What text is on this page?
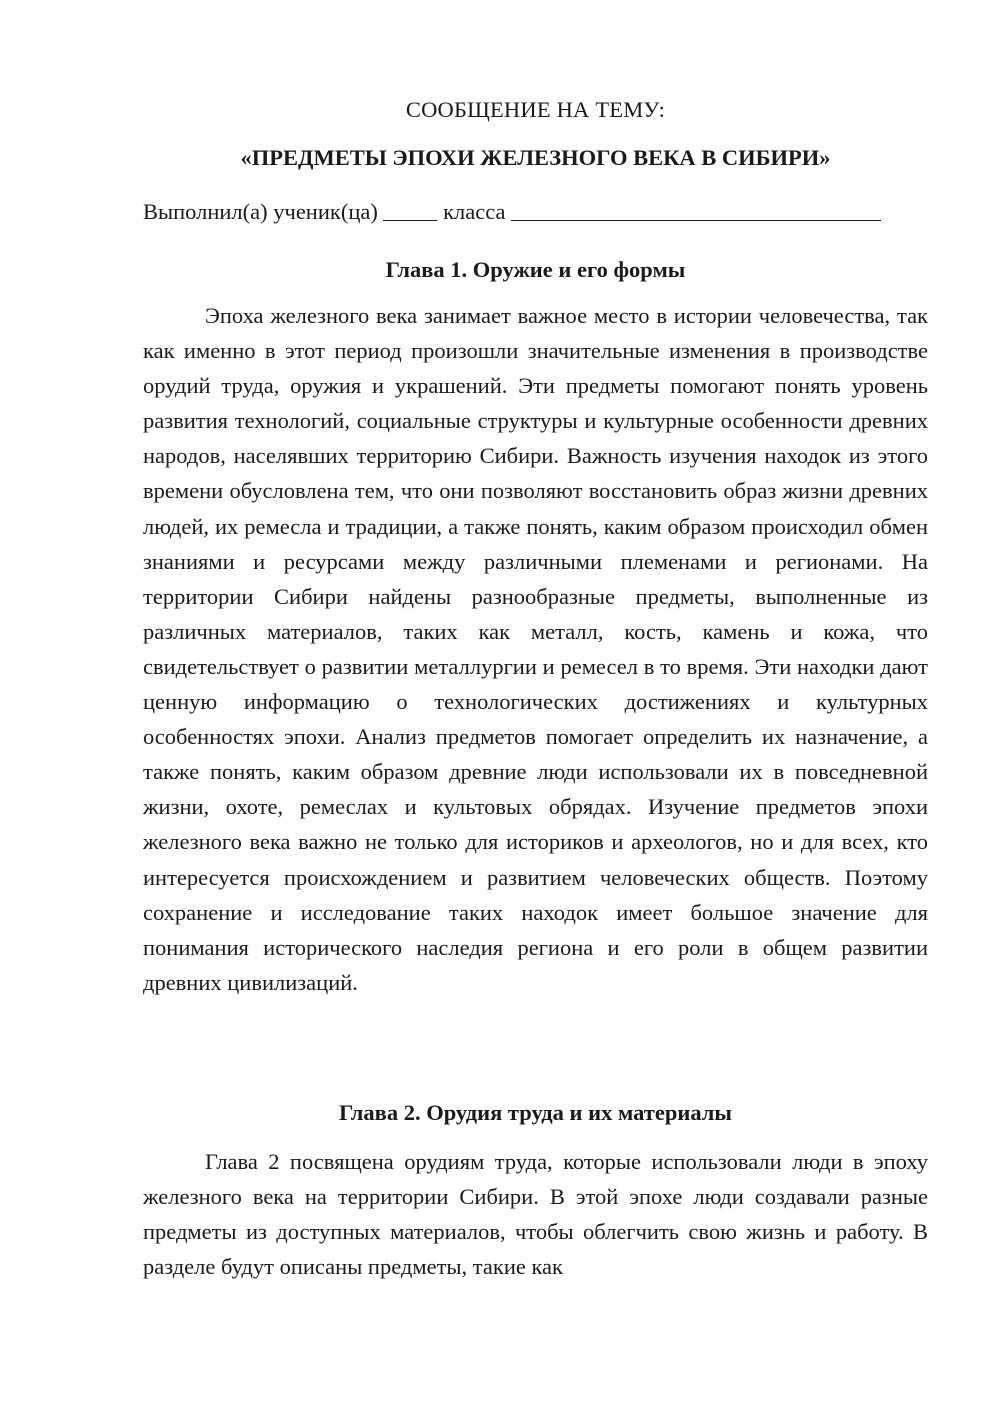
СООБЩЕНИЕ НА ТЕМУ:
«ПРЕДМЕТЫ ЭПОХИ ЖЕЛЕЗНОГО ВЕКА В СИБИРИ»
Выполнил(а) ученик(ца)	класса
Глава 1. Оружие и его формы

Эпоха железного века занимает важное место в истории человечества, так как именно в этот период произошли значительные изменения в производстве орудий труда, оружия и украшений. Эти предметы помогают понять уровень развития технологий, социальные структуры и культурные особенности древних народов, населявших территорию Сибири. Важность изучения находок из этого времени обусловлена тем, что они позволяют восстановить образ жизни древних людей, их ремесла и традиции, а также понять, каким образом происходил обмен знаниями и ресурсами между различными племенами и регионами. На территории Сибири найдены разнообразные предметы, выполненные из различных материалов, таких как металл, кость, камень и кожа, что свидетельствует о развитии металлургии и ремесел в то время. Эти находки дают ценную информацию о технологических достижениях и культурных особенностях эпохи. Анализ предметов помогает определить их назначение, а также понять, каким образом древние люди использовали их в повседневной жизни, охоте, ремеслах и культовых обрядах. Изучение предметов эпохи железного века важно не только для историков и археологов, но и для всех, кто интересуется происхождением и развитием человеческих обществ. Поэтому сохранение и исследование таких находок имеет большое значение для понимания исторического наследия региона и его роли в общем развитии древних цивилизаций.

Глава 2. Орудия труда и их материалы

Глава 2 посвящена орудиям труда, которые использовали люди в эпоху железного века на территории Сибири. В этой эпохе люди создавали разные предметы из доступных материалов, чтобы облегчить свою жизнь и работу. В разделе будут описаны предметы, такие как
